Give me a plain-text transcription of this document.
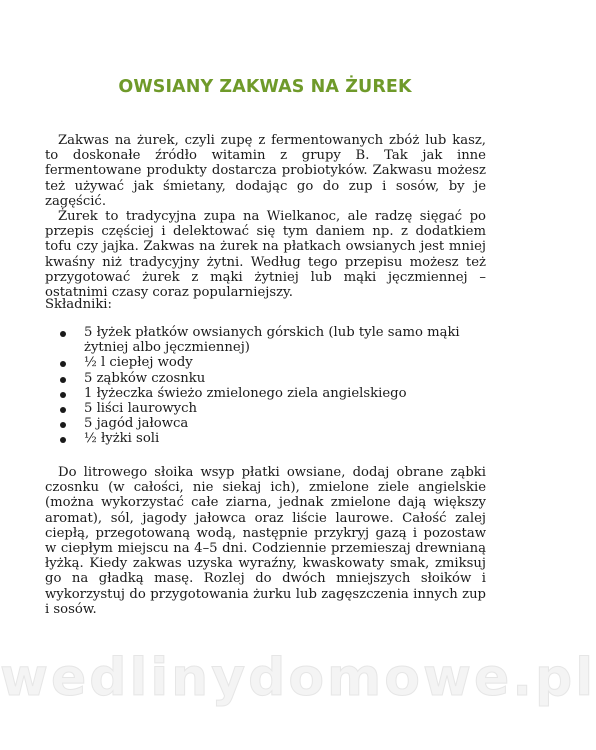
OWSIANY ZAKWAS NA ŻUREK

Zakwas na żurek, czyli zupę z fermentowanych zbóż lub kasz, to doskonałe źródło witamin z grupy B. Tak jak inne fermentowane produkty dostarcza probiotyków. Zakwasu możesz też używać jak śmietany, dodając go do zup i sosów, by je zagęścić.

Żurek to tradycyjna zupa na Wielkanoc, ale radzę sięgać po przepis częściej i delektować się tym daniem np. z dodatkiem tofu czy jajka. Zakwas na żurek na płatkach owsianych jest mniej kwaśny niż tradycyjny żytni. Według tego przepisu możesz też przygotować żurek z mąki żytniej lub mąki jęczmiennej – ostatnimi czasy coraz popularniejszy.

Składniki:

5 łyżek płatków owsianych górskich (lub tyle samo mąki żytniej albo jęczmiennej)
½ l ciepłej wody
5 ząbków czosnku
1 łyżeczka świeżo zmielonego ziela angielskiego
5 liści laurowych
5 jagód jałowca
½ łyżki soli

Do litrowego słoika wsyp płatki owsiane, dodaj obrane ząbki czosnku (w całości, nie siekaj ich), zmielone ziele angielskie (można wykorzystać całe ziarna, jednak zmielone dają większy aromat), sól, jagody jałowca oraz liście laurowe. Całość zalej ciepłą, przegotowaną wodą, następnie przykryj gazą i pozostaw w ciepłym miejscu na 4–5 dni. Codziennie przemieszaj drewnianą łyżką. Kiedy zakwas uzyska wyraźny, kwaskowaty smak, zmiksuj go na gładką masę. Rozlej do dwóch mniejszych słoików i wykorzystuj do przygotowania żurku lub zagęszczenia innych zup i sosów.

wedlinydomowe.pl
